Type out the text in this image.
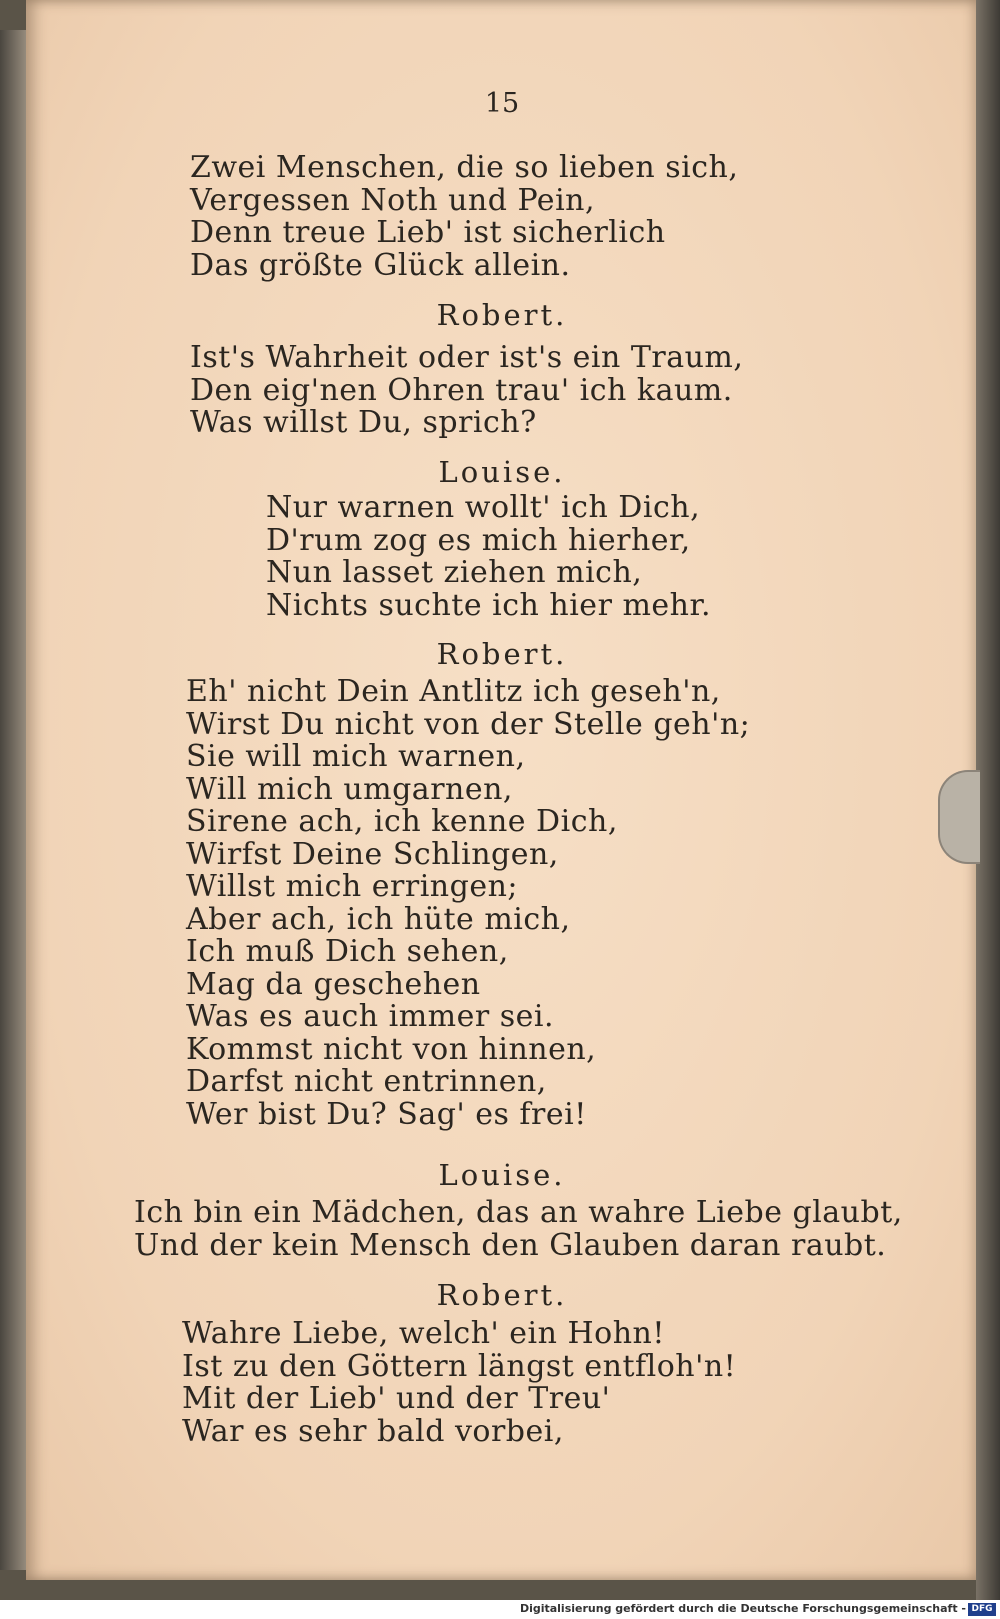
15
Zwei Menschen, die so lieben sich,
Vergessen Noth und Pein,
Denn treue Lieb' ist sicherlich
Das größte Glück allein.
Robert.
Ist's Wahrheit oder ist's ein Traum,
Den eig'nen Ohren trau' ich kaum.
Was willst Du, sprich?
Louise.
Nur warnen wollt' ich Dich,
D'rum zog es mich hierher,
Nun lasset ziehen mich,
Nichts suchte ich hier mehr.
Robert.
Eh' nicht Dein Antlitz ich geseh'n,
Wirst Du nicht von der Stelle geh'n;
Sie will mich warnen,
Will mich umgarnen,
Sirene ach, ich kenne Dich,
Wirfst Deine Schlingen,
Willst mich erringen;
Aber ach, ich hüte mich,
Ich muß Dich sehen,
Mag da geschehen
Was es auch immer sei.
Kommst nicht von hinnen,
Darfst nicht entrinnen,
Wer bist Du? Sag' es frei!
Louise.
Ich bin ein Mädchen, das an wahre Liebe glaubt,
Und der kein Mensch den Glauben daran raubt.
Robert.
Wahre Liebe, welch' ein Hohn!
Ist zu den Göttern längst entfloh'n!
Mit der Lieb' und der Treu'
War es sehr bald vorbei,
Digitalisierung gefördert durch die Deutsche Forschungsgemeinschaft - DFG
